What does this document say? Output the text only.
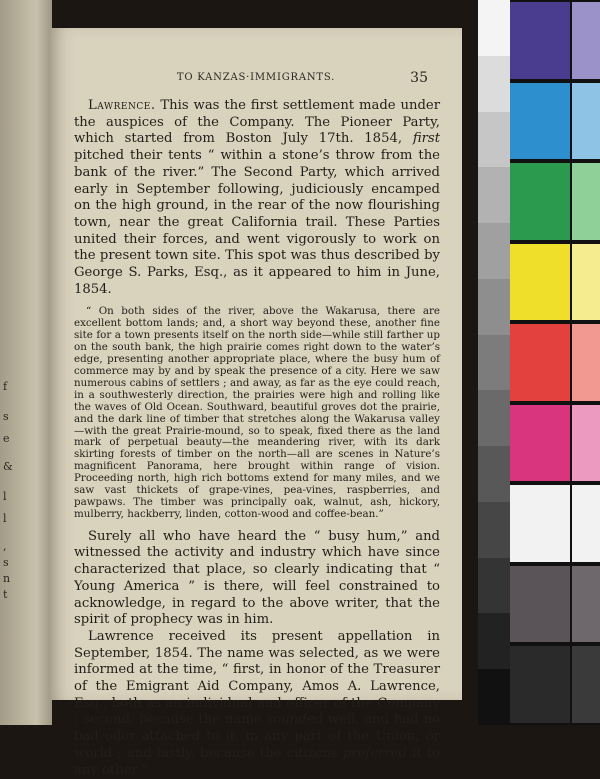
e
&
l
l
,
s
n
t
f
s
TO KANZAS·IMMIGRANTS.	35

Lawrence. This was the first settlement made under the auspices of the Company. The Pioneer Party, which started from Boston July 17th. 1854, first pitched their tents “ within a stone’s throw from the bank of the river.” The Second Party, which arrived early in September following, judiciously encamped on the high ground, in the rear of the now flourishing town, near the great California trail. These Parties united their forces, and went vigorously to work on the present town site. This spot was thus described by George S. Parks, Esq., as it appeared to him in June, 1854.

“ On both sides of the river, above the Wakarusa, there are excellent bottom lands; and, a short way beyond these, another fine site for a town presents itself on the north side—while still farther up on the south bank, the high prairie comes right down to the water’s edge, presenting another appropriate place, where the busy hum of commerce may by and by speak the presence of a city. Here we saw numerous cabins of settlers ; and away, as far as the eye could reach, in a southwesterly direction, the prairies were high and rolling like the waves of Old Ocean. Southward, beautiful groves dot the prairie, and the dark line of timber that stretches along the Wakarusa valley—with the great Prairie-mound, so to speak, fixed there as the land mark of perpetual beauty—the meandering river, with its dark skirting forests of timber on the north—all are scenes in Nature’s magnificent Panorama, here brought within range of vision. Proceeding north, high rich bottoms extend for many miles, and we saw vast thickets of grape-vines, pea-vines, raspberries, and pawpaws. The timber was principally oak, walnut, ash, hickory, mulberry, hackberry, linden, cotton-wood and coffee-bean.”

Surely all who have heard the “ busy hum,” and witnessed the activity and industry which have since characterized that place, so clearly indicating that “ Young America ” is there, will feel constrained to acknowledge, in regard to the above writer, that the spirit of prophecy was in him.

Lawrence received its present appellation in September, 1854. The name was selected, as we were informed at the time, “ first, in honor of the Treasurer of the Emigrant Aid Company, Amos A. Lawrence, Esq., both as an individual and officer of the Company ; second, because the name sounded well, and had no bad odor attached to it, in any part of the Union, or world ; and lastly, because the citizens preferred it to any other.”
